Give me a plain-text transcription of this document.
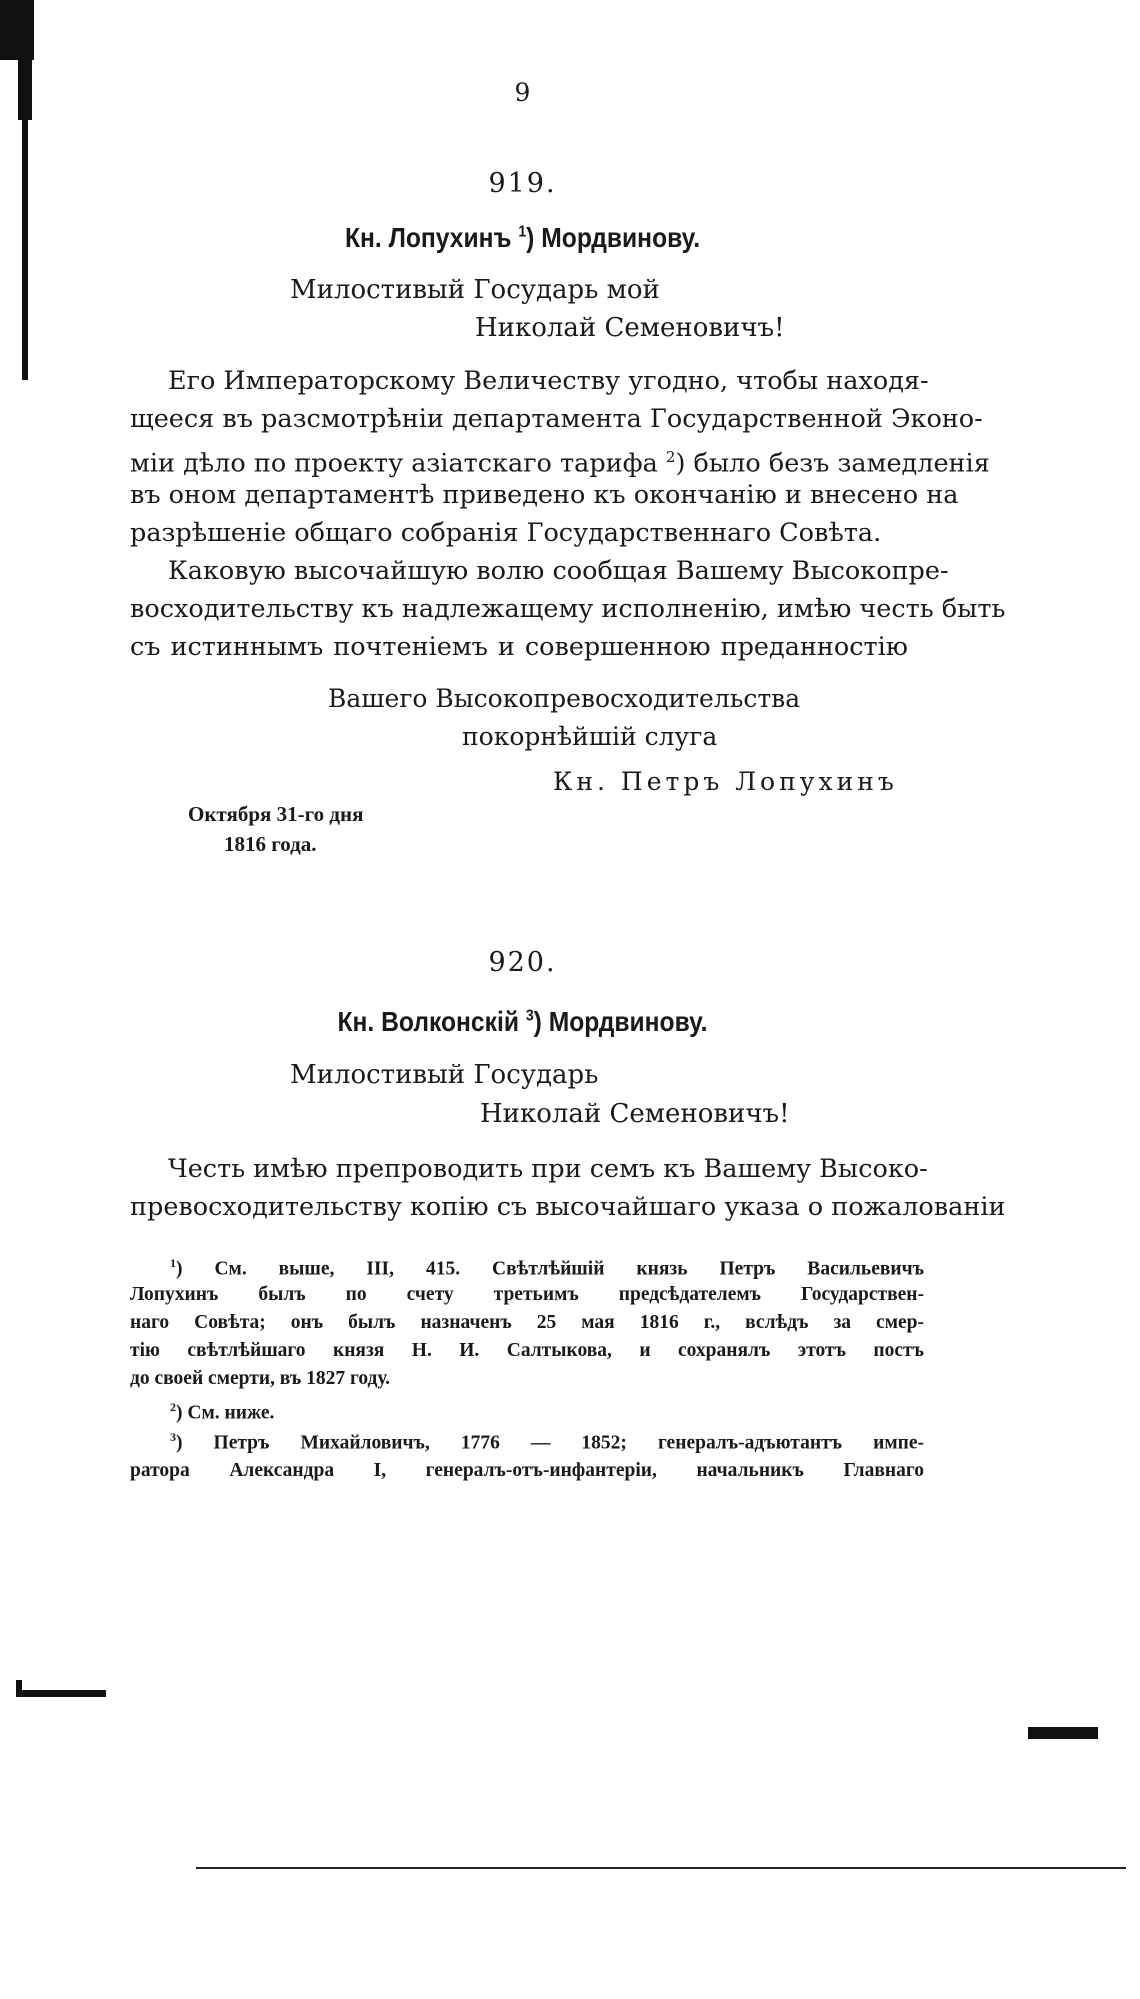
9
919.
Кн. Лопухинъ $^1$) Мордвинову.
Милостивый Государь мой
Николай Семеновичъ!
Его Императорскому Величеству угодно, чтобы находя-
щееся въ разсмотрѣніи департамента Государственной Эконо-
мiи дѣло по проекту азiатскаго тарифа $^2$) было безъ замедленія
въ оном департаментѣ приведено къ окончанію и внесено на
разрѣшеніе общаго собранія Государственнаго Совѣта.
Каковую высочайшую волю сообщая Вашему Высокопре-
восходительству къ надлежащему исполненію, имѣю честь быть
съ истиннымъ почтеніемъ и совершенною преданностію
Вашего Высокопревосходительства
покорнѣйшій слуга
Кн. Петръ Лопухинъ
Октября 31-го дня
1816 года.
920.
Кн. Волконскій $^3$) Мордвинову.
Милостивый Государь
Николай Семеновичъ!
Честь имѣю препроводить при семъ къ Вашему Высоко-
превосходительству копію съ высочайшаго указа о пожалованіи
$^1$) См. выше, III, 415. Свѣтлѣйшій князь Петръ Васильевичъ
Лопухинъ былъ по счету третьимъ предсѣдателемъ Государствен-
наго Совѣта; онъ былъ назначенъ 25 мая 1816 г., вслѣдъ за смер-
тію свѣтлѣйшаго князя Н. И. Салтыкова, и сохранялъ этотъ постъ
до своей смерти, въ 1827 году.
$^2$) См. ниже.
$^3$) Петръ Михайловичъ, 1776 — 1852; генералъ-адъютантъ импе-
ратора Александра I, генералъ-отъ-инфантеріи, начальникъ Главнаго
